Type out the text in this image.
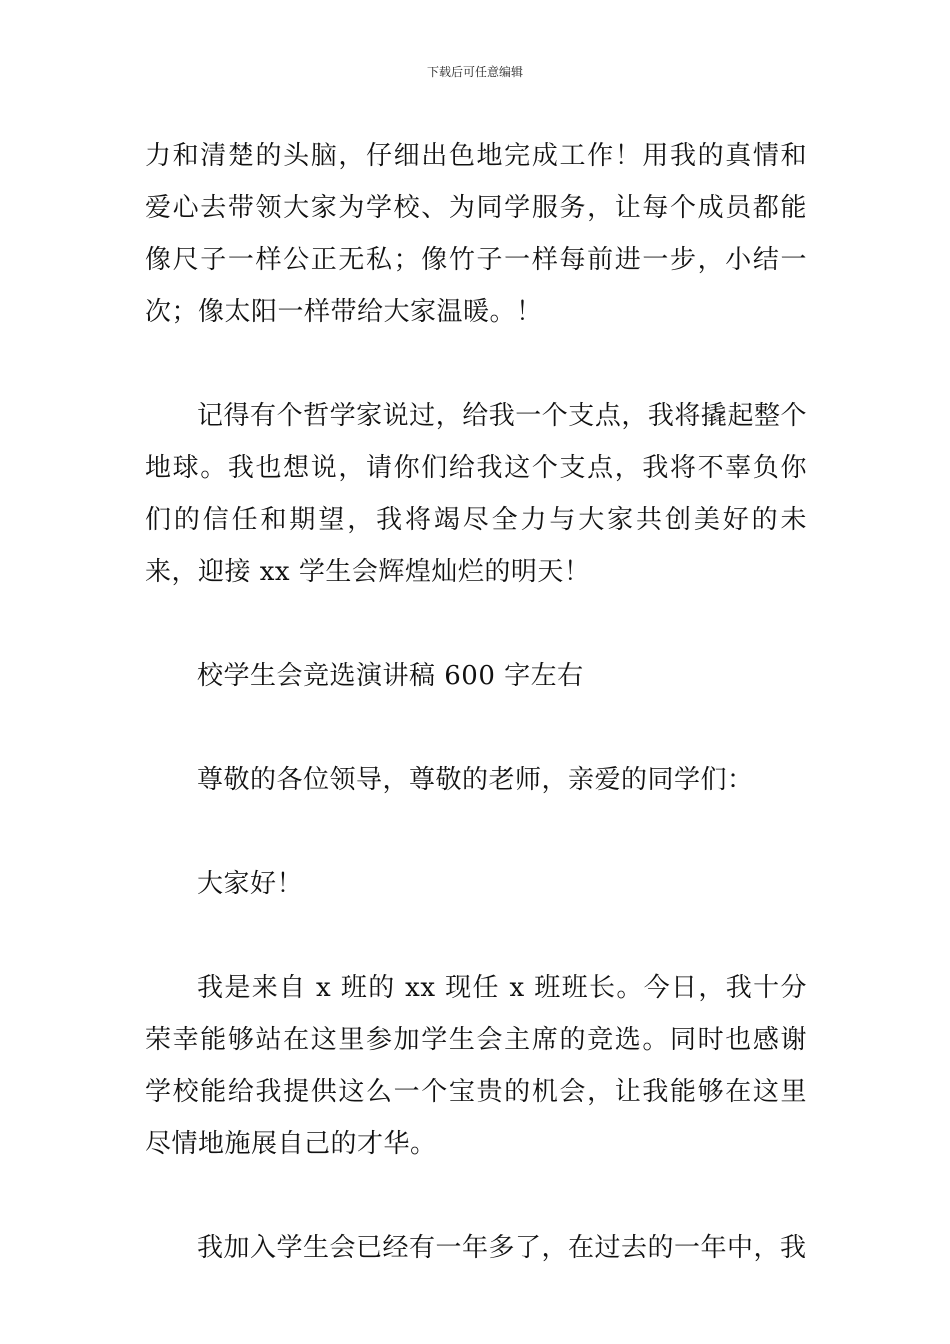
下载后可任意编辑

力和清楚的头脑，仔细出色地完成工作！用我的真情和爱心去带领大家为学校、为同学服务，让每个成员都能像尺子一样公正无私；像竹子一样每前进一步，小结一次；像太阳一样带给大家温暖。！

记得有个哲学家说过，给我一个支点，我将撬起整个地球。我也想说，请你们给我这个支点，我将不辜负你们的信任和期望，我将竭尽全力与大家共创美好的未来，迎接 xx 学生会辉煌灿烂的明天！

校学生会竞选演讲稿 600 字左右

尊敬的各位领导，尊敬的老师，亲爱的同学们：

大家好！

我是来自 x 班的 xx 现任 x 班班长。今日，我十分荣幸能够站在这里参加学生会主席的竞选。同时也感谢学校能给我提供这么一个宝贵的机会，让我能够在这里尽情地施展自己的才华。

我加入学生会已经有一年多了，在过去的一年中，我
